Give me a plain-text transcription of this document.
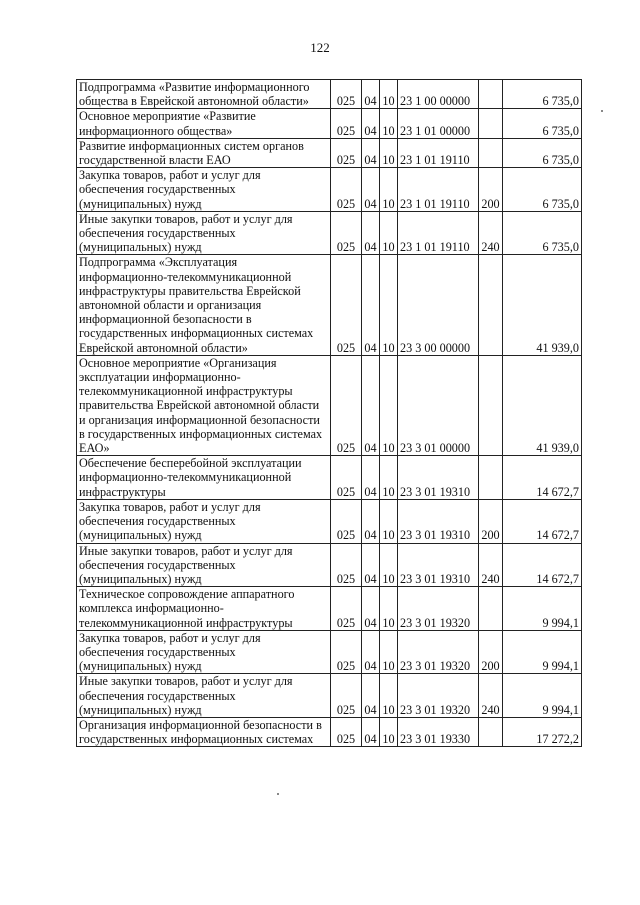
122
Подпрограмма «Развитие информационного общества в Еврейской автономной области»	025	04	10	23 1 00 00000		6 735,0
Основное мероприятие «Развитие информационного общества»	025	04	10	23 1 01 00000		6 735,0
Развитие информационных систем органов государственной власти ЕАО	025	04	10	23 1 01 19110		6 735,0
Закупка товаров, работ и услуг для обеспечения государственных (муниципальных) нужд	025	04	10	23 1 01 19110	200	6 735,0
Иные закупки товаров, работ и услуг для обеспечения государственных (муниципальных) нужд	025	04	10	23 1 01 19110	240	6 735,0
Подпрограмма «Эксплуатация информационно-телекоммуникационной инфраструктуры правительства Еврейской автономной области и организация информационной безопасности в государственных информационных системах Еврейской автономной области»	025	04	10	23 3 00 00000		41 939,0
Основное мероприятие «Организация эксплуатации информационно-телекоммуникационной инфраструктуры правительства Еврейской автономной области и организация информационной безопасности в государственных информационных системах ЕАО»	025	04	10	23 3 01 00000		41 939,0
Обеспечение бесперебойной эксплуатации информационно-телекоммуникационной инфраструктуры	025	04	10	23 3 01 19310		14 672,7
Закупка товаров, работ и услуг для обеспечения государственных (муниципальных) нужд	025	04	10	23 3 01 19310	200	14 672,7
Иные закупки товаров, работ и услуг для обеспечения государственных (муниципальных) нужд	025	04	10	23 3 01 19310	240	14 672,7
Техническое сопровождение аппаратного комплекса информационно-телекоммуникационной инфраструктуры	025	04	10	23 3 01 19320		9 994,1
Закупка товаров, работ и услуг для обеспечения государственных (муниципальных) нужд	025	04	10	23 3 01 19320	200	9 994,1
Иные закупки товаров, работ и услуг для обеспечения государственных (муниципальных) нужд	025	04	10	23 3 01 19320	240	9 994,1
Организация информационной безопасности в государственных информационных системах	025	04	10	23 3 01 19330		17 272,2
